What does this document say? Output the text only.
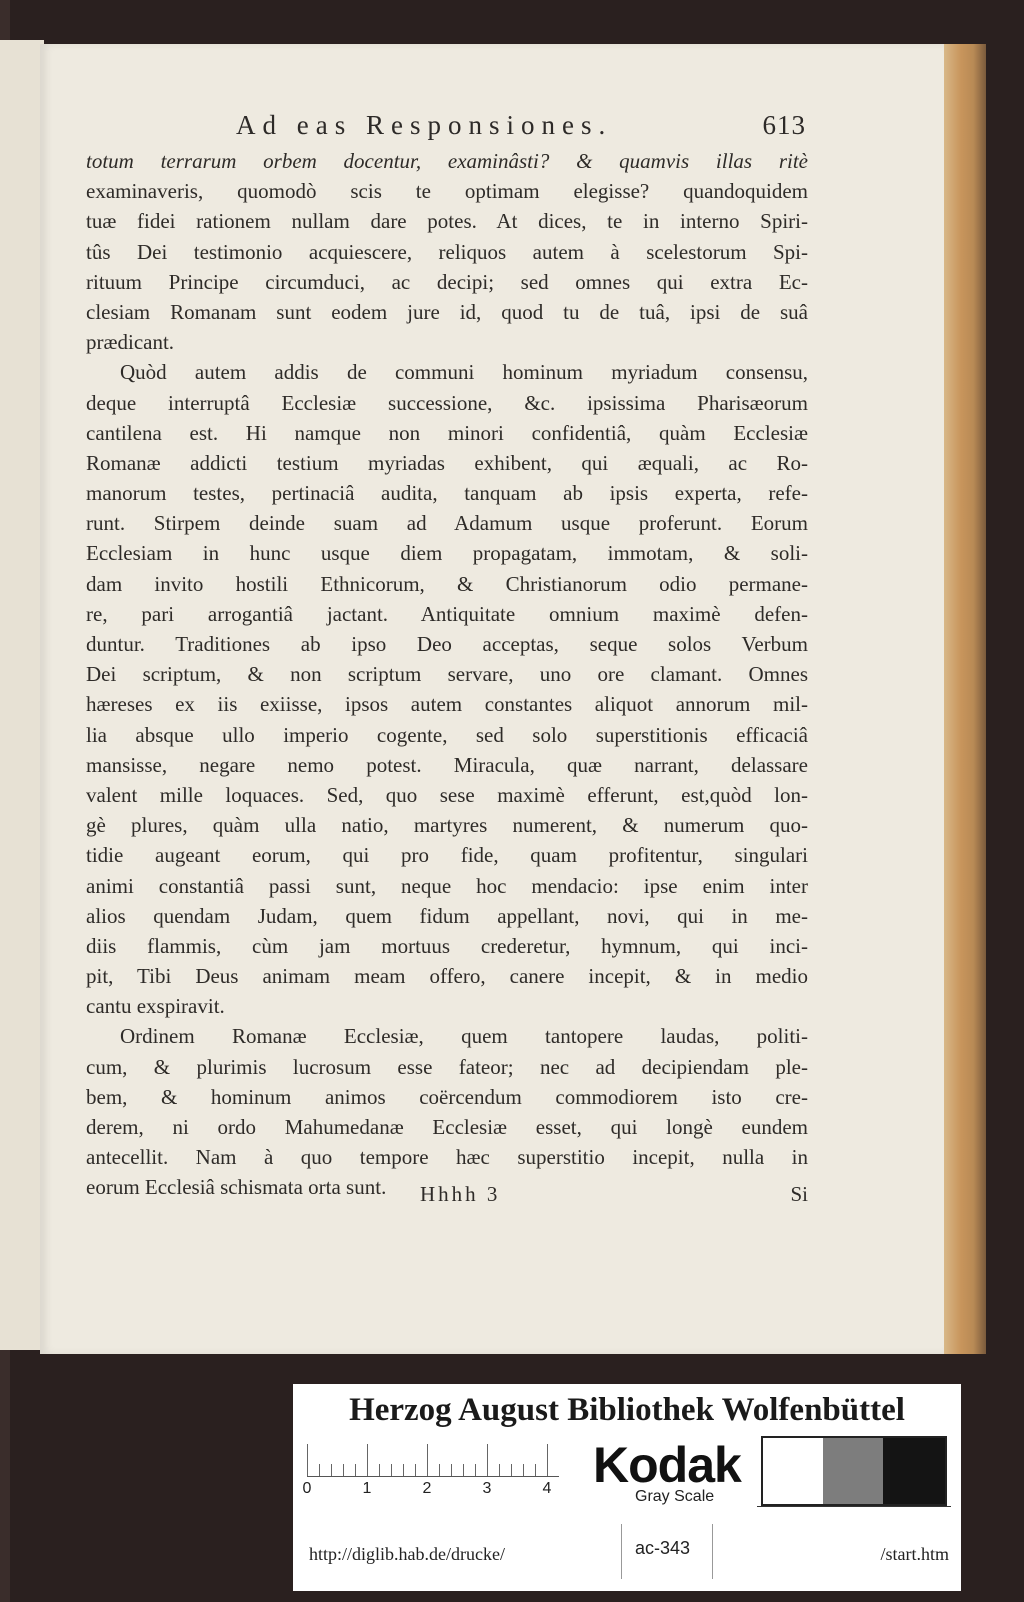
Ad eas Responsiones.	613
totum terrarum orbem docentur, examinâsti? & quamvis illas ritè
examinaveris, quomodò scis te optimam elegisse? quandoquidem
tuæ fidei rationem nullam dare potes. At dices, te in interno Spiri-
tûs Dei testimonio acquiescere, reliquos autem à scelestorum Spi-
rituum Principe circumduci, ac decipi; sed omnes qui extra Ec-
clesiam Romanam sunt eodem jure id, quod tu de tuâ, ipsi de suâ
prædicant.
Quòd autem addis de communi hominum myriadum consensu,
deque interruptâ Ecclesiæ successione, &c. ipsissima Pharisæorum
cantilena est. Hi namque non minori confidentiâ, quàm Ecclesiæ
Romanæ addicti testium myriadas exhibent, qui æquali, ac Ro-
manorum testes, pertinaciâ audita, tanquam ab ipsis experta, refe-
runt. Stirpem deinde suam ad Adamum usque proferunt. Eorum
Ecclesiam in hunc usque diem propagatam, immotam, & soli-
dam invito hostili Ethnicorum, & Christianorum odio permane-
re, pari arrogantiâ jactant. Antiquitate omnium maximè defen-
duntur. Traditiones ab ipso Deo acceptas, seque solos Verbum
Dei scriptum, & non scriptum servare, uno ore clamant. Omnes
hæreses ex iis exiisse, ipsos autem constantes aliquot annorum mil-
lia absque ullo imperio cogente, sed solo superstitionis efficaciâ
mansisse, negare nemo potest. Miracula, quæ narrant, delassare
valent mille loquaces. Sed, quo sese maximè efferunt, est,quòd lon-
gè plures, quàm ulla natio, martyres numerent, & numerum quo-
tidie augeant eorum, qui pro fide, quam profitentur, singulari
animi constantiâ passi sunt, neque hoc mendacio: ipse enim inter
alios quendam Judam, quem fidum appellant, novi, qui in me-
diis flammis, cùm jam mortuus crederetur, hymnum, qui inci-
pit, Tibi Deus animam meam offero, canere incepit, & in medio
cantu exspiravit.
Ordinem Romanæ Ecclesiæ, quem tantopere laudas, politi-
cum, & plurimis lucrosum esse fateor; nec ad decipiendam ple-
bem, & hominum animos coërcendum commodiorem isto cre-
derem, ni ordo Mahumedanæ Ecclesiæ esset, qui longè eundem
antecellit. Nam à quo tempore hæc superstitio incepit, nulla in
eorum Ecclesiâ schismata orta sunt.	Hhhh 3	Si
Herzog August Bibliothek Wolfenbüttel
0	1	2	3	4 Kodak
Gray Scale
http://diglib.hab.de/drucke/	ac-343	/start.htm
